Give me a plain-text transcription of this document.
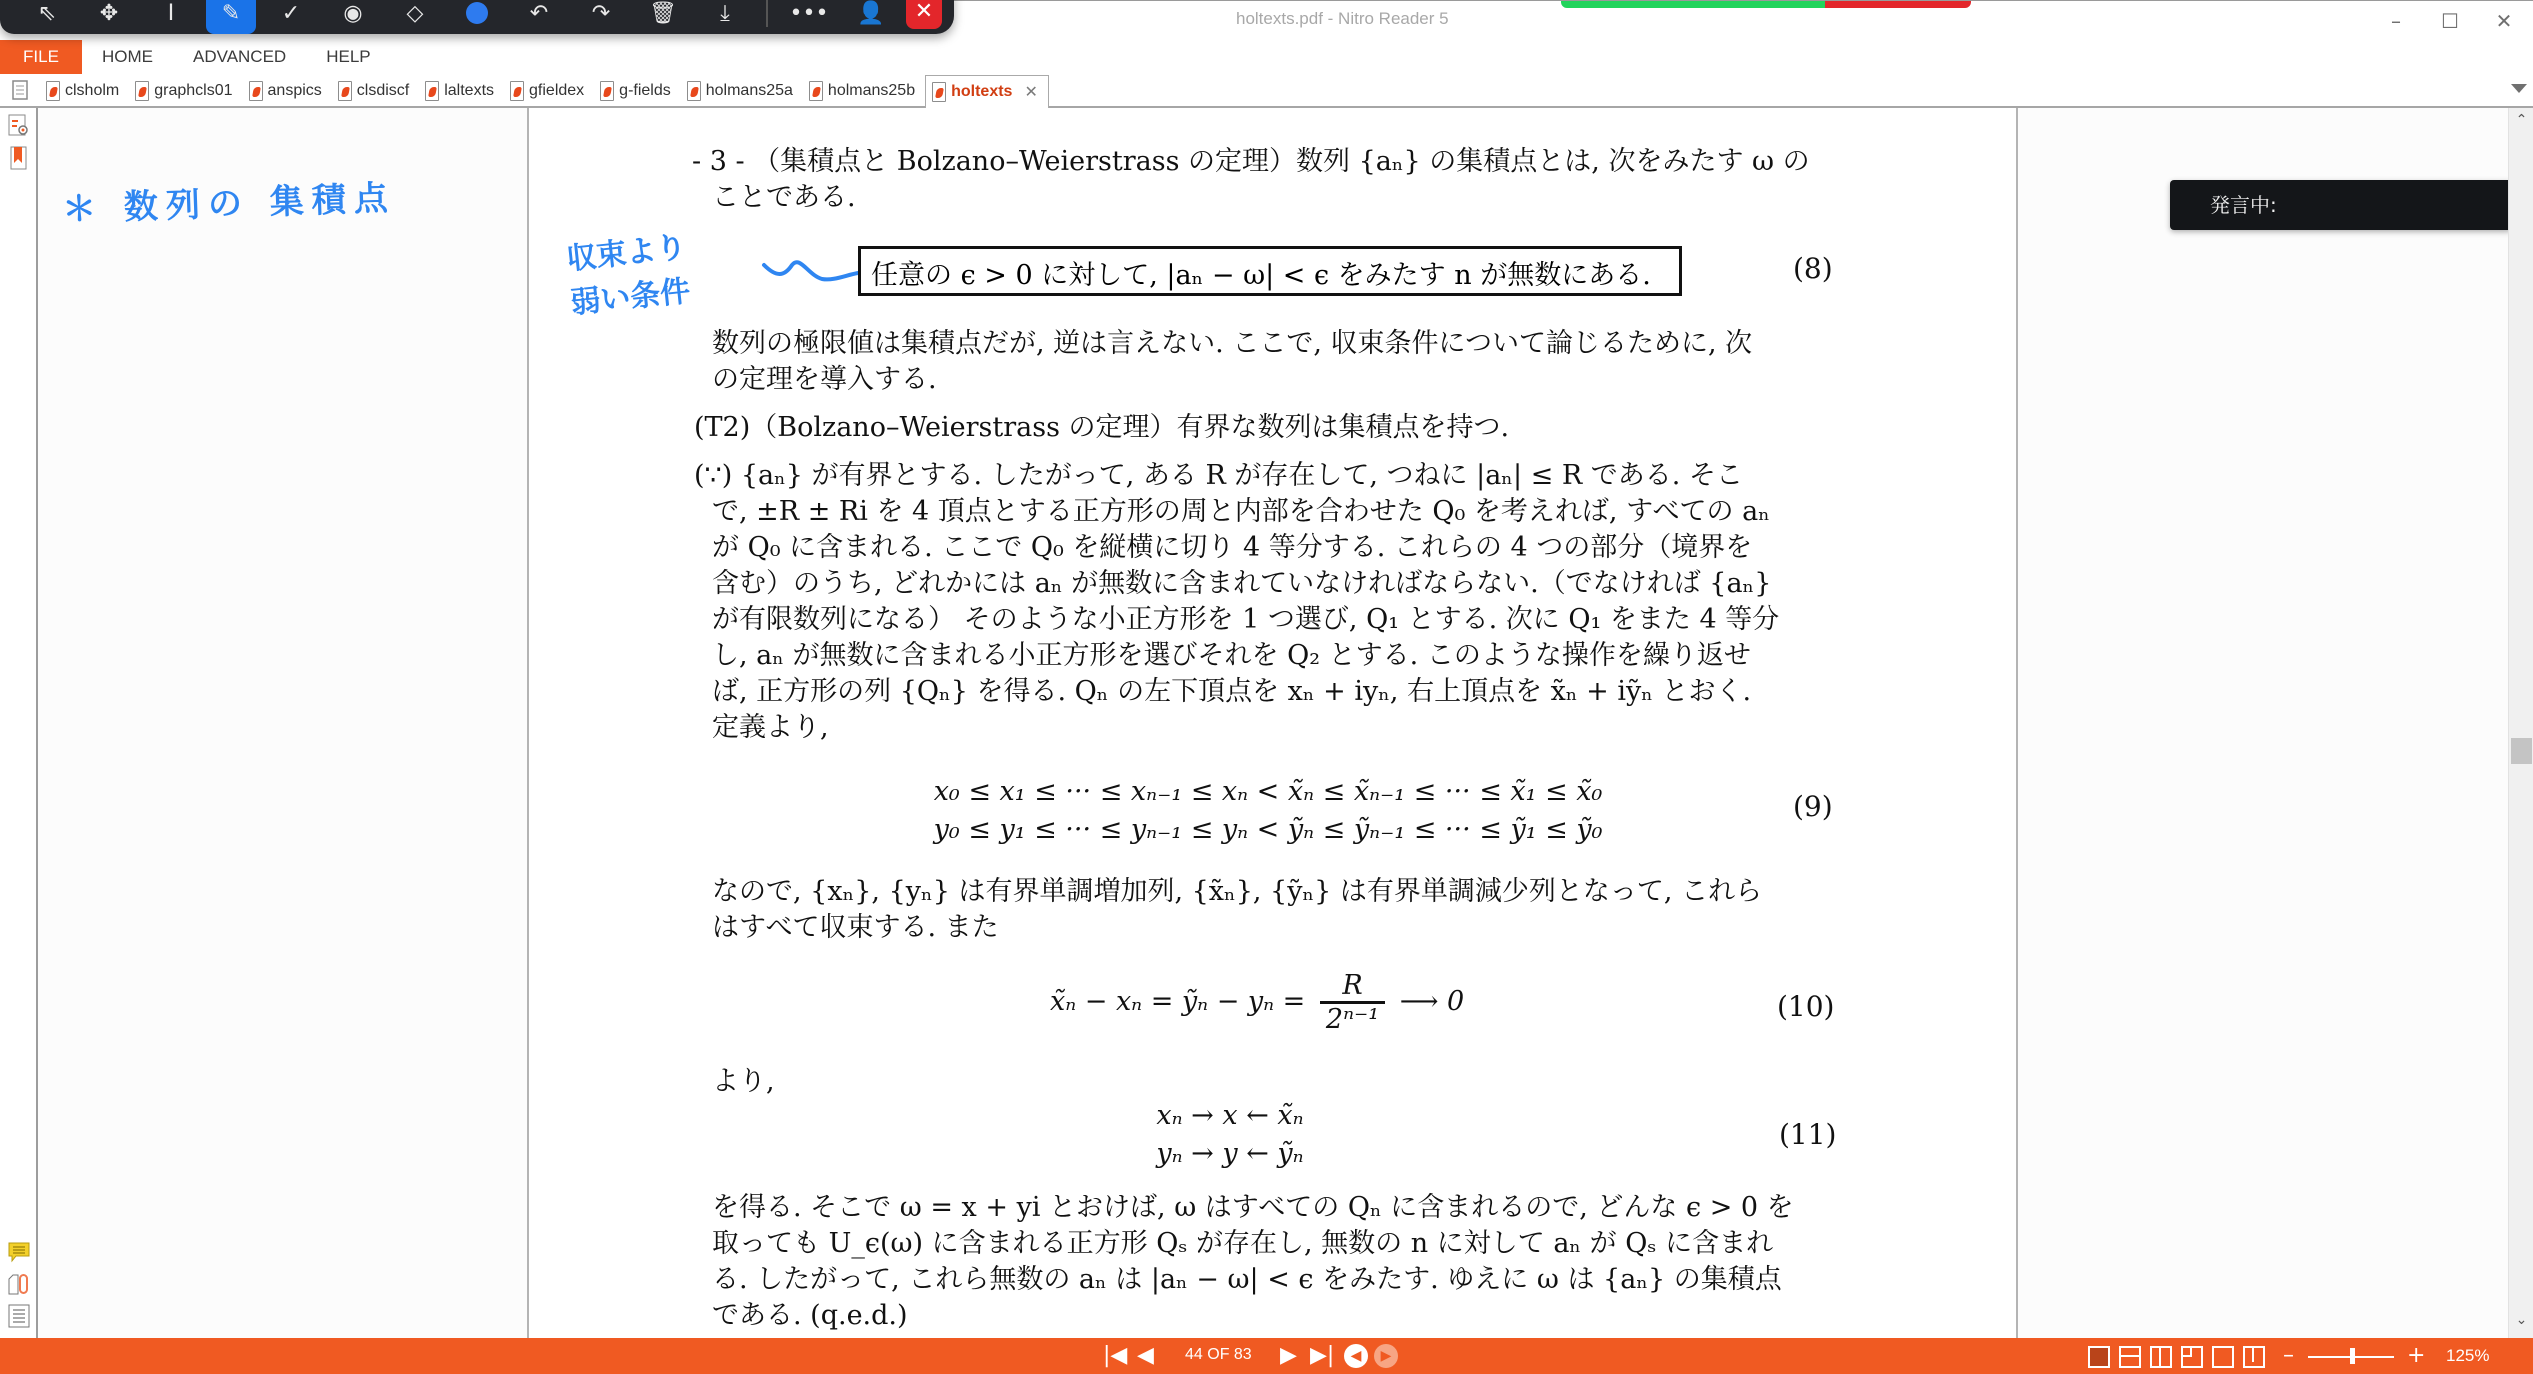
holtexts.pdf - Nitro Reader 5	–	☐	✕
⇖	✥	I	✎	✓	◉	◇	↶	↷	🗑	⤓	•••	👤	✕
FILE	HOME	ADVANCED	HELP
clsholm graphcls01 anspics clsdiscf laltexts gfieldex g-fields holmans25a holmans25b holtexts ✕
＊ 数列の 集積点
収束より
弱い条件
- 3 - （集積点と Bolzano–Weierstrass の定理）数列 {aₙ} の集積点とは, 次をみたす ω の
ことである.
任意の ϵ > 0 に対して, |aₙ − ω| < ϵ をみたす n が無数にある.	(8)
数列の極限値は集積点だが, 逆は言えない. ここで, 収束条件について論じるために, 次
の定理を導入する.
(T2)（Bolzano–Weierstrass の定理）有界な数列は集積点を持つ.
(∵) {aₙ} が有界とする. したがって, ある R が存在して, つねに |aₙ| ≤ R である. そこ
で, ±R ± Ri を 4 頂点とする正方形の周と内部を合わせた Q₀ を考えれば, すべての aₙ
が Q₀ に含まれる. ここで Q₀ を縦横に切り 4 等分する. これらの 4 つの部分（境界を
含む）のうち, どれかには aₙ が無数に含まれていなければならない.（でなければ {aₙ}
が有限数列になる） そのような小正方形を 1 つ選び, Q₁ とする. 次に Q₁ をまた 4 等分
し, aₙ が無数に含まれる小正方形を選びそれを Q₂ とする. このような操作を繰り返せ
ば, 正方形の列 {Qₙ} を得る. Qₙ の左下頂点を xₙ + iyₙ, 右上頂点を x̃ₙ + iỹₙ とおく.
定義より,
x₀ ≤ x₁ ≤ ··· ≤ xₙ₋₁ ≤ xₙ < x̃ₙ ≤ x̃ₙ₋₁ ≤ ··· ≤ x̃₁ ≤ x̃₀
y₀ ≤ y₁ ≤ ··· ≤ yₙ₋₁ ≤ yₙ < ỹₙ ≤ ỹₙ₋₁ ≤ ··· ≤ ỹ₁ ≤ ỹ₀
(9)
なので, {xₙ}, {yₙ} は有界単調増加列, {x̃ₙ}, {ỹₙ} は有界単調減少列となって, これら
はすべて収束する. また
x̃ₙ − xₙ = ỹₙ − $y_n = \frac{R}{\text{2ⁿ⁻¹}}$ ⟶ 0	(10)
より,
xₙ → x ← x̃ₙ
yₙ → y ← ỹₙ
(11)
を得る. そこで ω = x + yi とおけば, ω はすべての Qₙ に含まれるので, どんな ϵ > 0 を
取っても U_ϵ(ω) に含まれる正方形 Qₛ が存在し, 無数の n に対して aₙ が Qₛ に含まれ
る. したがって, これら無数の aₙ は |aₙ − ω| < ϵ をみたす. ゆえに ω は {aₙ} の集積点
である. (q.e.d.)
発言中:
⌃
⌄
|◀ ◀ 44 OF 83 ▶ ▶|	◀	▶	–	+ 125%
